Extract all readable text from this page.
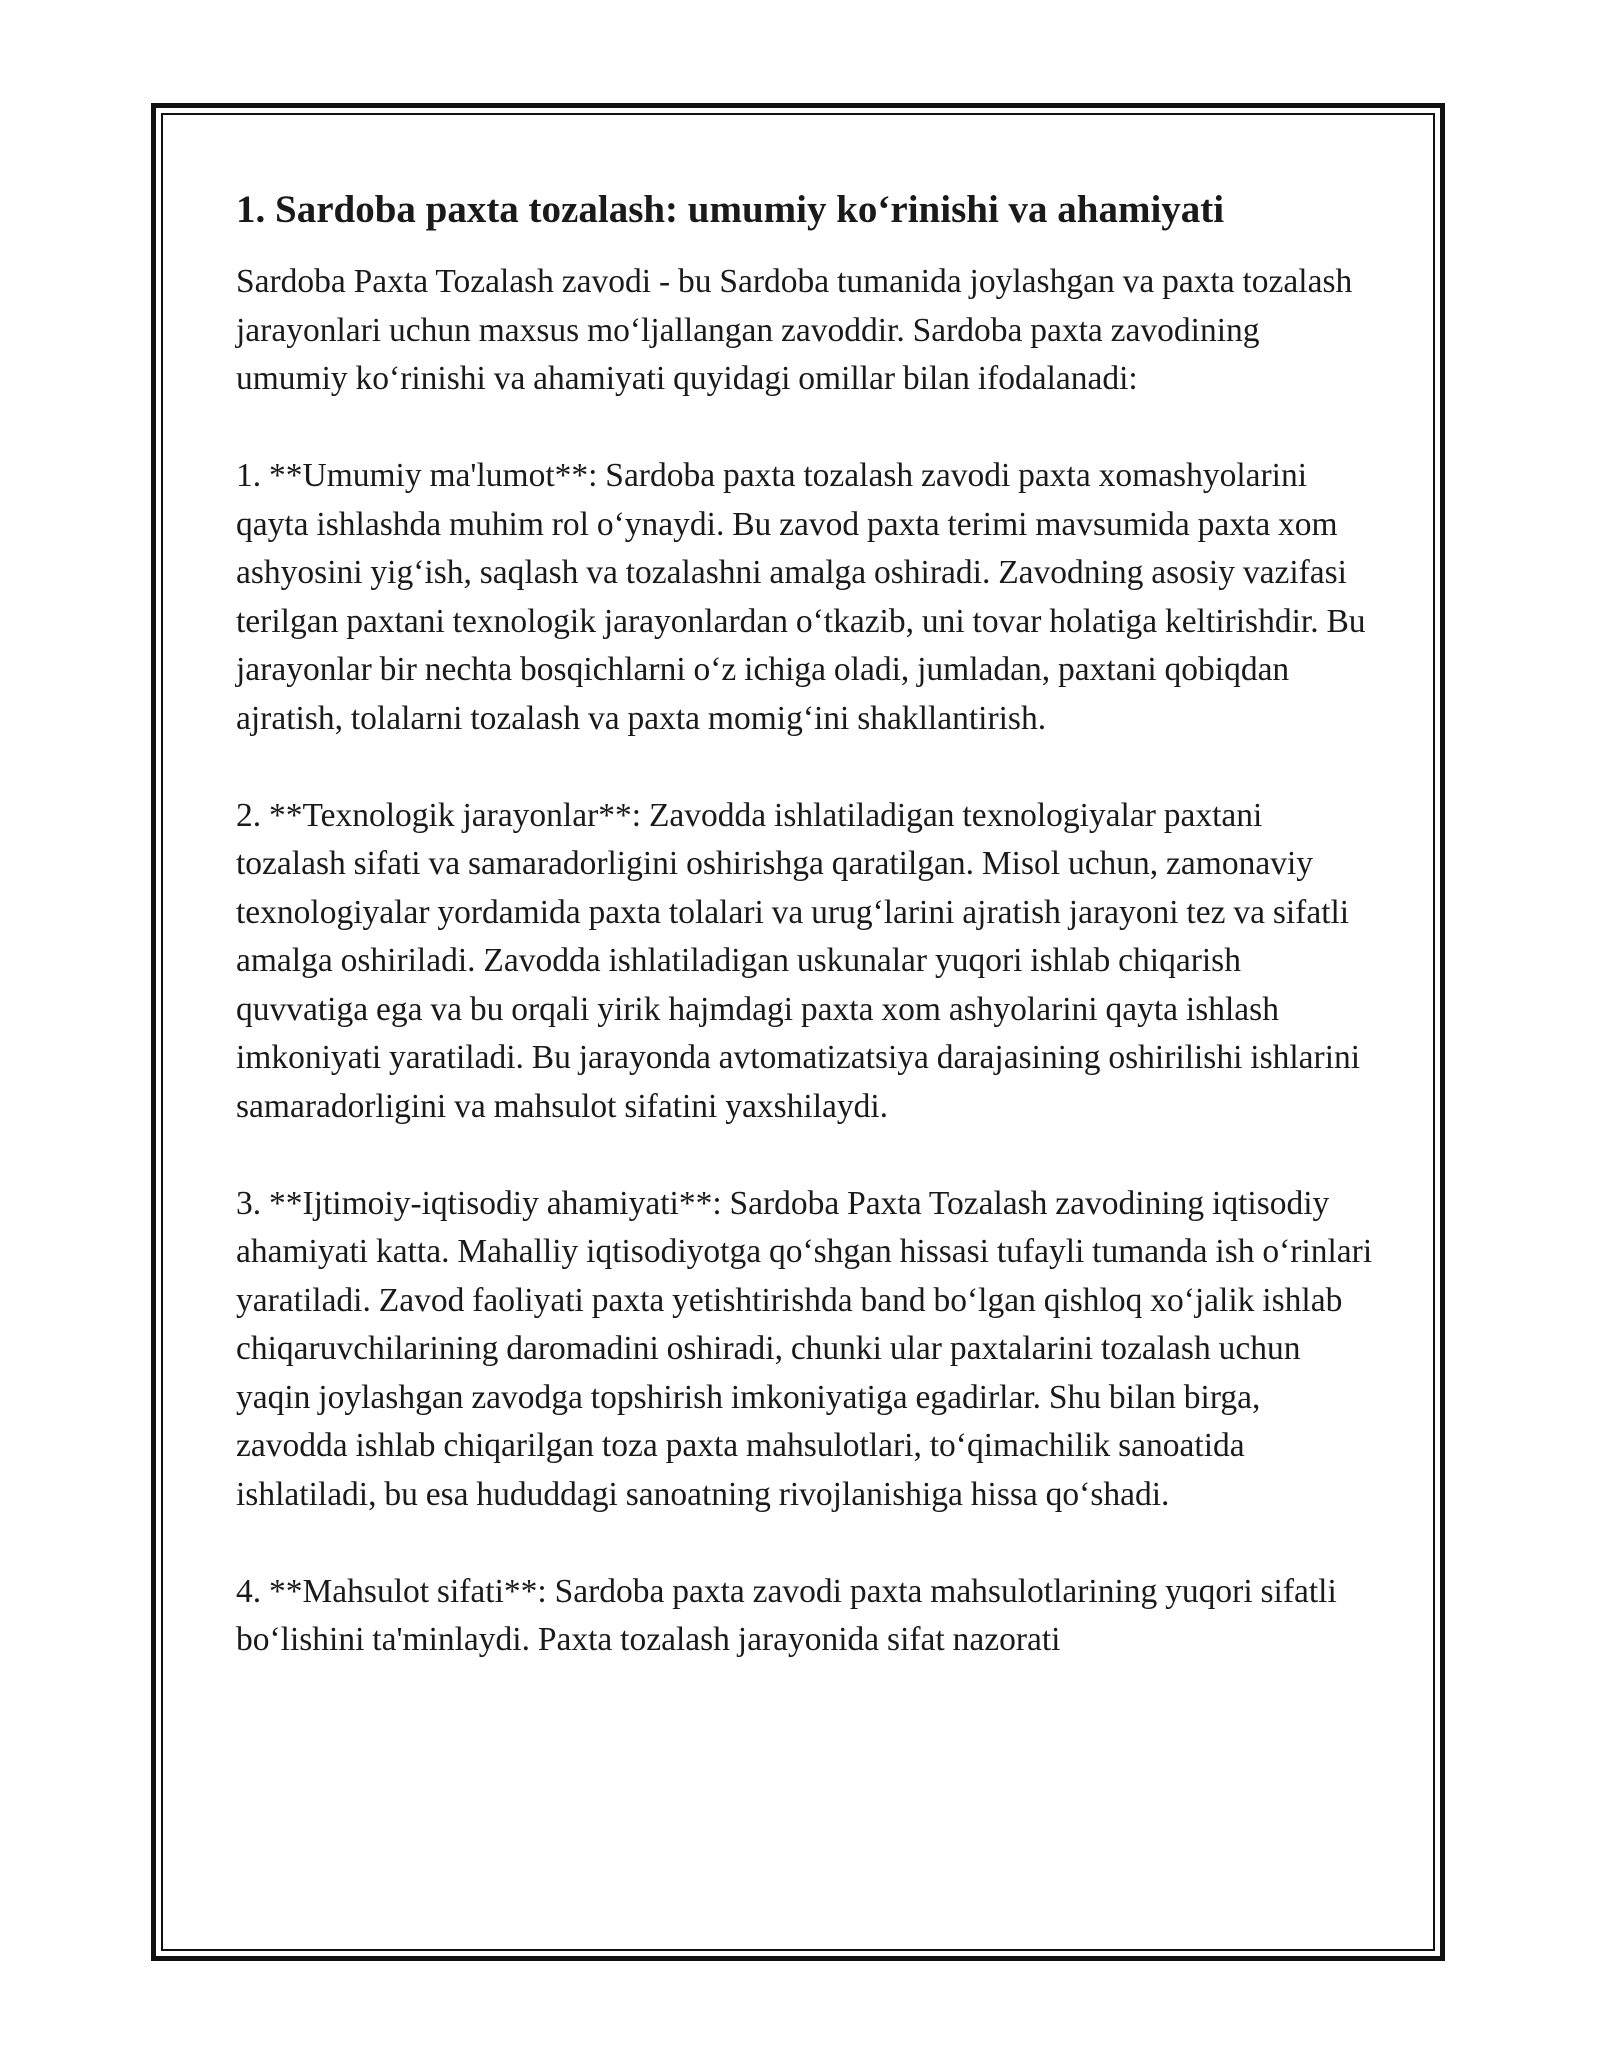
1. Sardoba paxta tozalash: umumiy koʻrinishi va ahamiyati

Sardoba Paxta Tozalash zavodi - bu Sardoba tumanida joylashgan va paxta tozalash jarayonlari uchun maxsus moʻljallangan zavoddir. Sardoba paxta zavodining umumiy koʻrinishi va ahamiyati quyidagi omillar bilan ifodalanadi:

1. **Umumiy ma'lumot**: Sardoba paxta tozalash zavodi paxta xomashyolarini qayta ishlashda muhim rol oʻynaydi. Bu zavod paxta terimi mavsumida paxta xom ashyosini yigʻish, saqlash va tozalashni amalga oshiradi. Zavodning asosiy vazifasi terilgan paxtani texnologik jarayonlardan oʻtkazib, uni tovar holatiga keltirishdir. Bu jarayonlar bir nechta bosqichlarni oʻz ichiga oladi, jumladan, paxtani qobiqdan ajratish, tolalarni tozalash va paxta momigʻini shakllantirish.

2. **Texnologik jarayonlar**: Zavodda ishlatiladigan texnologiyalar paxtani tozalash sifati va samaradorligini oshirishga qaratilgan. Misol uchun, zamonaviy texnologiyalar yordamida paxta tolalari va urugʻlarini ajratish jarayoni tez va sifatli amalga oshiriladi. Zavodda ishlatiladigan uskunalar yuqori ishlab chiqarish quvvatiga ega va bu orqali yirik hajmdagi paxta xom ashyolarini qayta ishlash imkoniyati yaratiladi. Bu jarayonda avtomatizatsiya darajasining oshirilishi ishlarini samaradorligini va mahsulot sifatini yaxshilaydi.

3. **Ijtimoiy-iqtisodiy ahamiyati**: Sardoba Paxta Tozalash zavodining iqtisodiy ahamiyati katta. Mahalliy iqtisodiyotga qoʻshgan hissasi tufayli tumanda ish oʻrinlari yaratiladi. Zavod faoliyati paxta yetishtirishda band boʻlgan qishloq xoʻjalik ishlab chiqaruvchilarining daromadini oshiradi, chunki ular paxtalarini tozalash uchun yaqin joylashgan zavodga topshirish imkoniyatiga egadirlar. Shu bilan birga, zavodda ishlab chiqarilgan toza paxta mahsulotlari, toʻqimachilik sanoatida ishlatiladi, bu esa hududdagi sanoatning rivojlanishiga hissa qoʻshadi.

4. **Mahsulot sifati**: Sardoba paxta zavodi paxta mahsulotlarining yuqori sifatli boʻlishini ta'minlaydi. Paxta tozalash jarayonida sifat nazorati
